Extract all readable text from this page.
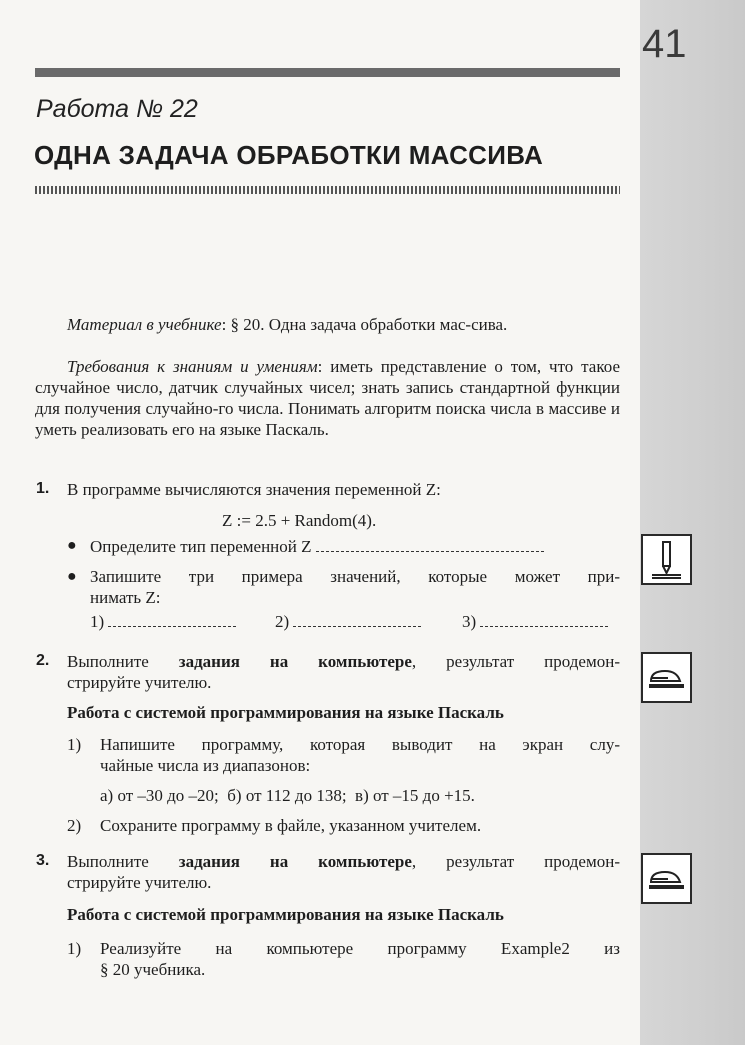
41
Работа № 22
ОДНА ЗАДАЧА ОБРАБОТКИ МАССИВА
Материал в учебнике: § 20. Одна задача обработки мас-сива.
Требования к знаниям и умениям: иметь представление о том, что такое случайное число, датчик случайных чисел; знать запись стандартной функции для получения случайно-го числа. Понимать алгоритм поиска числа в массиве и уметь реализовать его на языке Паскаль.
1. В программе вычисляются значения переменной Z:
Z := 2.5 + Random(4).
● Определите тип переменной Z
● Запишите три примера значений, которые может при-
нимать Z:
1)	2)	3)
2. Выполните задания на компьютере, результат продемон-
стрируйте учителю.
Работа с системой программирования на языке Паскаль
1) Напишите программу, которая выводит на экран слу-
чайные числа из диапазонов:
а) от –30 до –20;  б) от 112 до 138;  в) от –15 до +15.
2) Сохраните программу в файле, указанном учителем.
3. Выполните задания на компьютере, результат продемон-
стрируйте учителю.
Работа с системой программирования на языке Паскаль
1) Реализуйте на компьютере программу Example2 из
§ 20 учебника.
